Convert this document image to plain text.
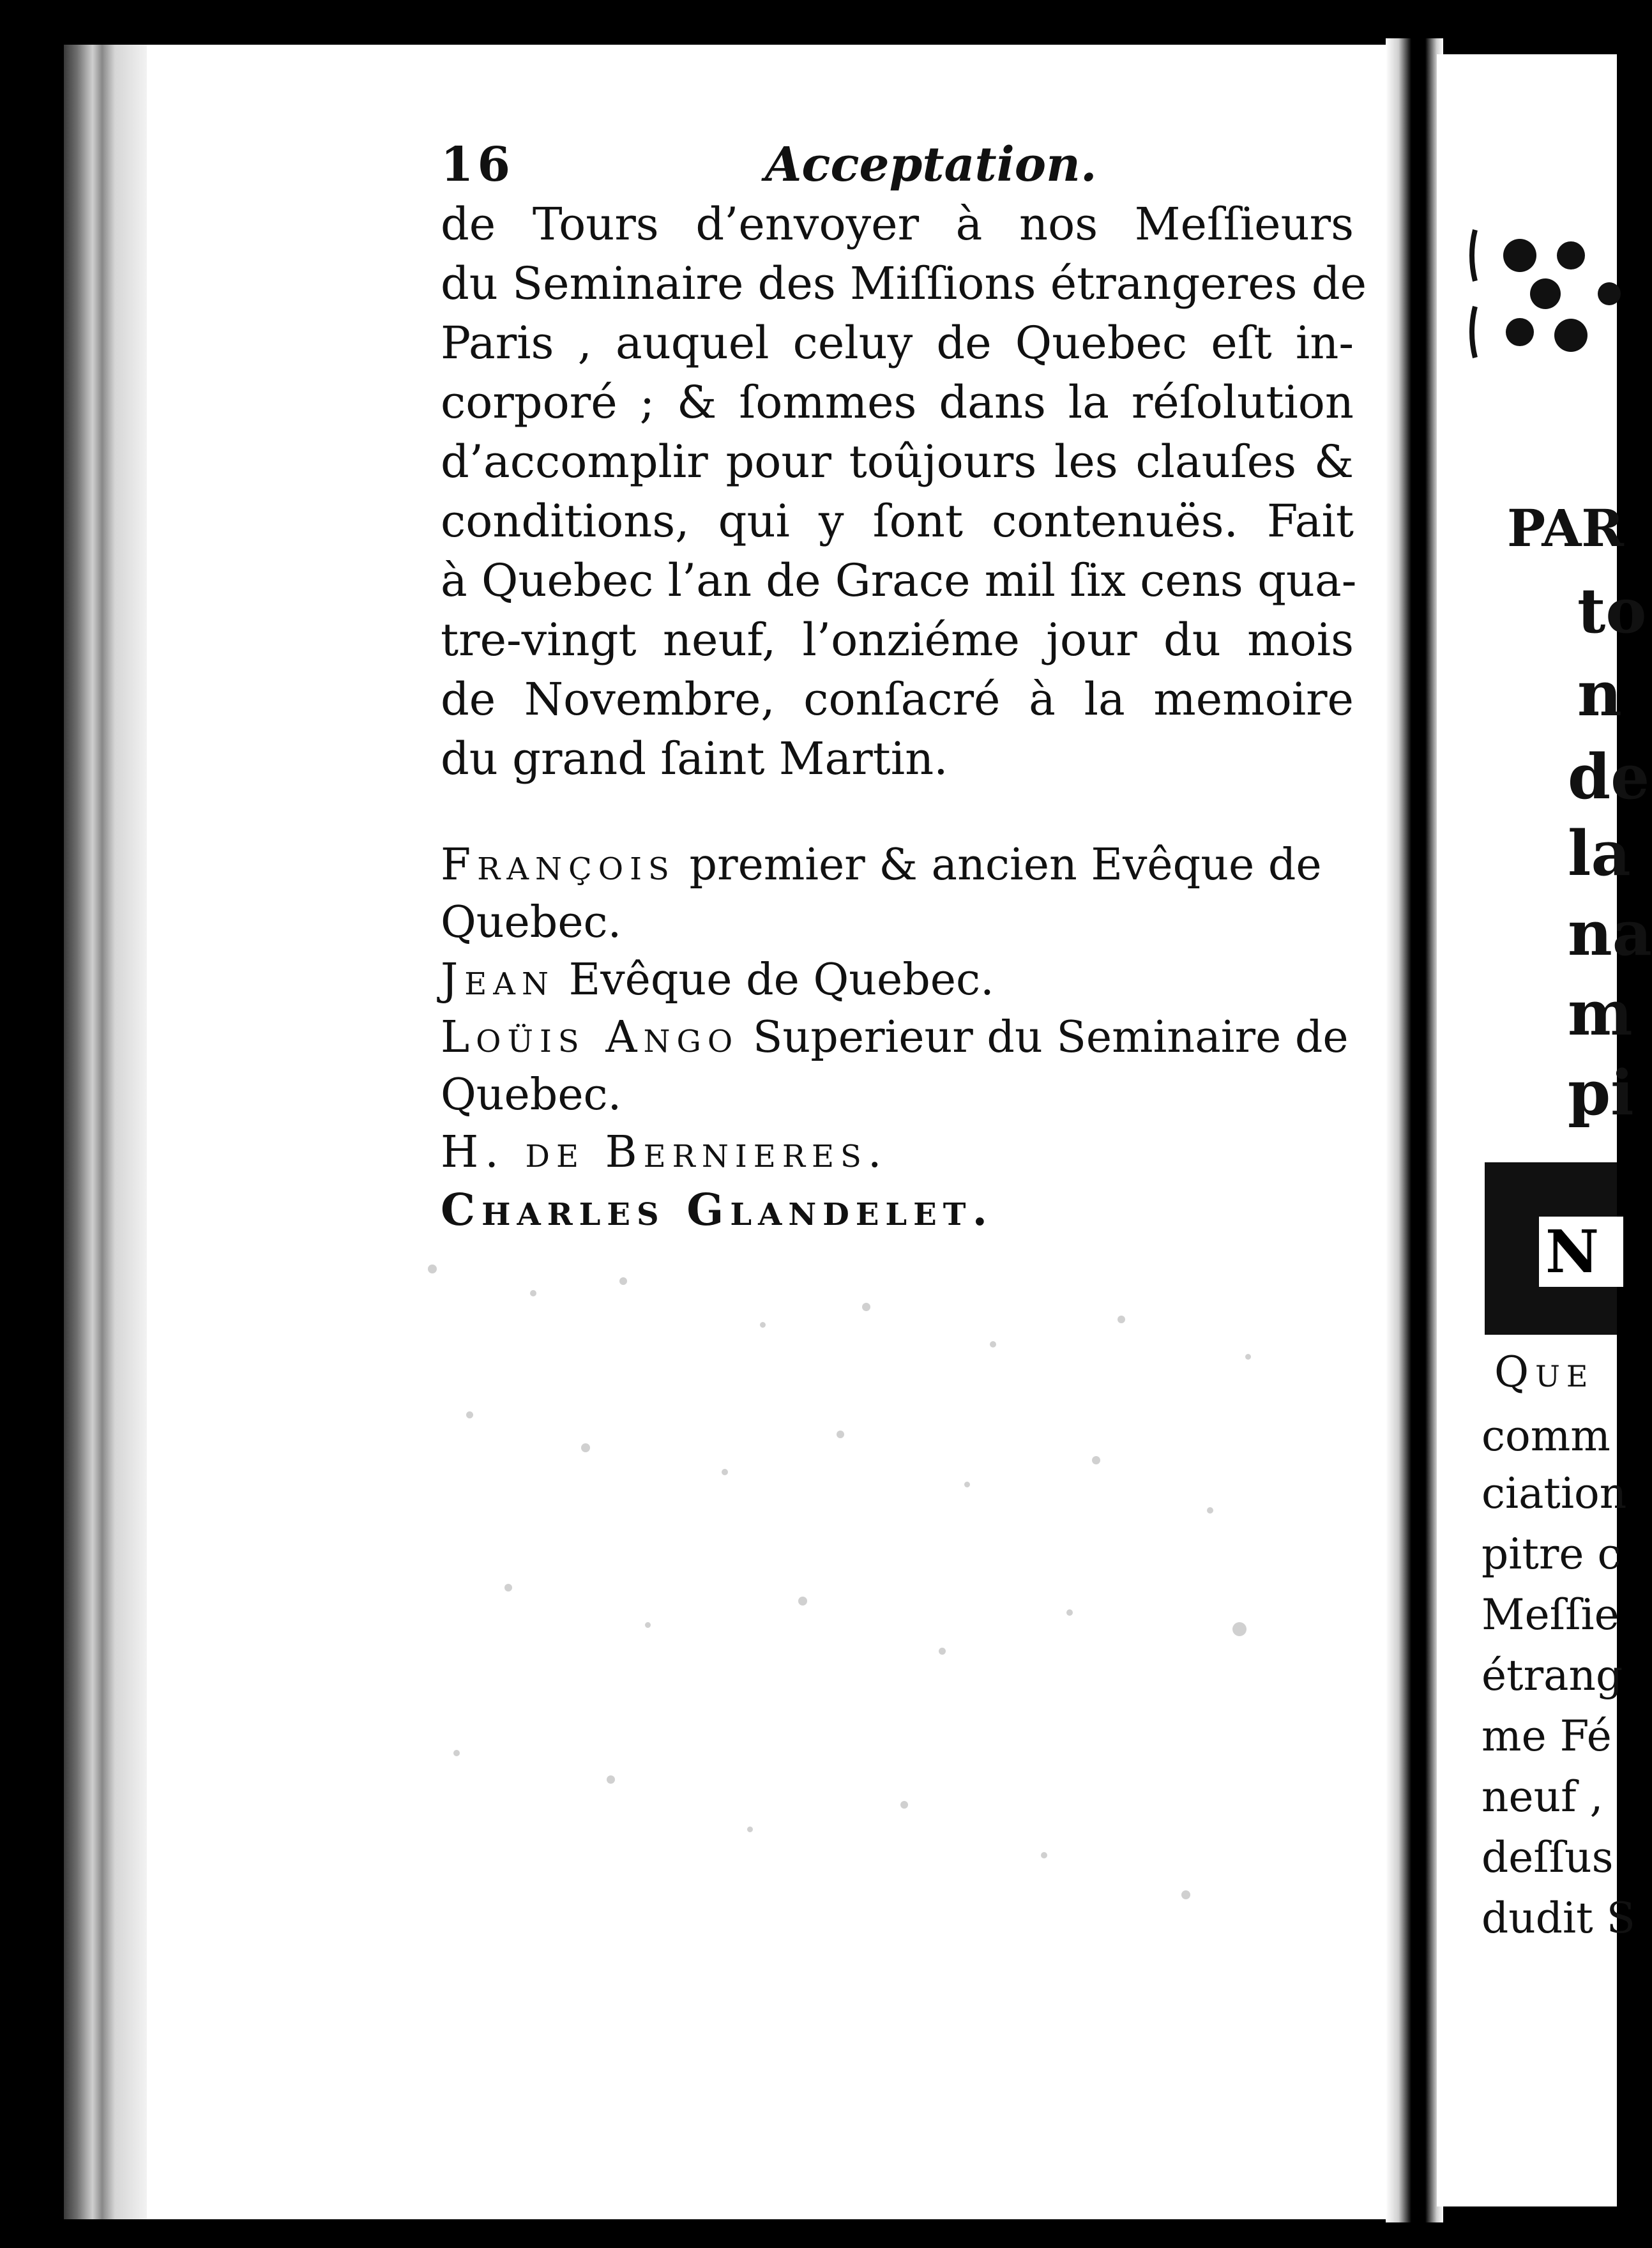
16	Acceptation.
de Tours d’envoyer à nos Meſſieurs
du Seminaire des Miſſions étrangeres de
Paris , auquel celuy de Quebec eſt in-
corporé ; & ſommes dans la réſolution
d’accomplir pour toûjours les clauſes &
conditions, qui y ſont contenuës. Fait
à Quebec l’an de Grace mil ſix cens qua-
tre-vingt neuf, l’onziéme jour du mois
de Novembre, conſacré à la memoire
du grand ſaint Martin.
François premier & ancien Evêque de
Quebec.
Jean Evêque de Quebec.
Loüis Ango Superieur du Seminaire de
Quebec.
H. de Bernieres.
Charles Glandelet.
PAR
to
n
de
la
na
m
pi
N
Que
comm
ciation
pitre c
Meſſie
étrang
me Fé
neuf ,
deſſus
dudit S
